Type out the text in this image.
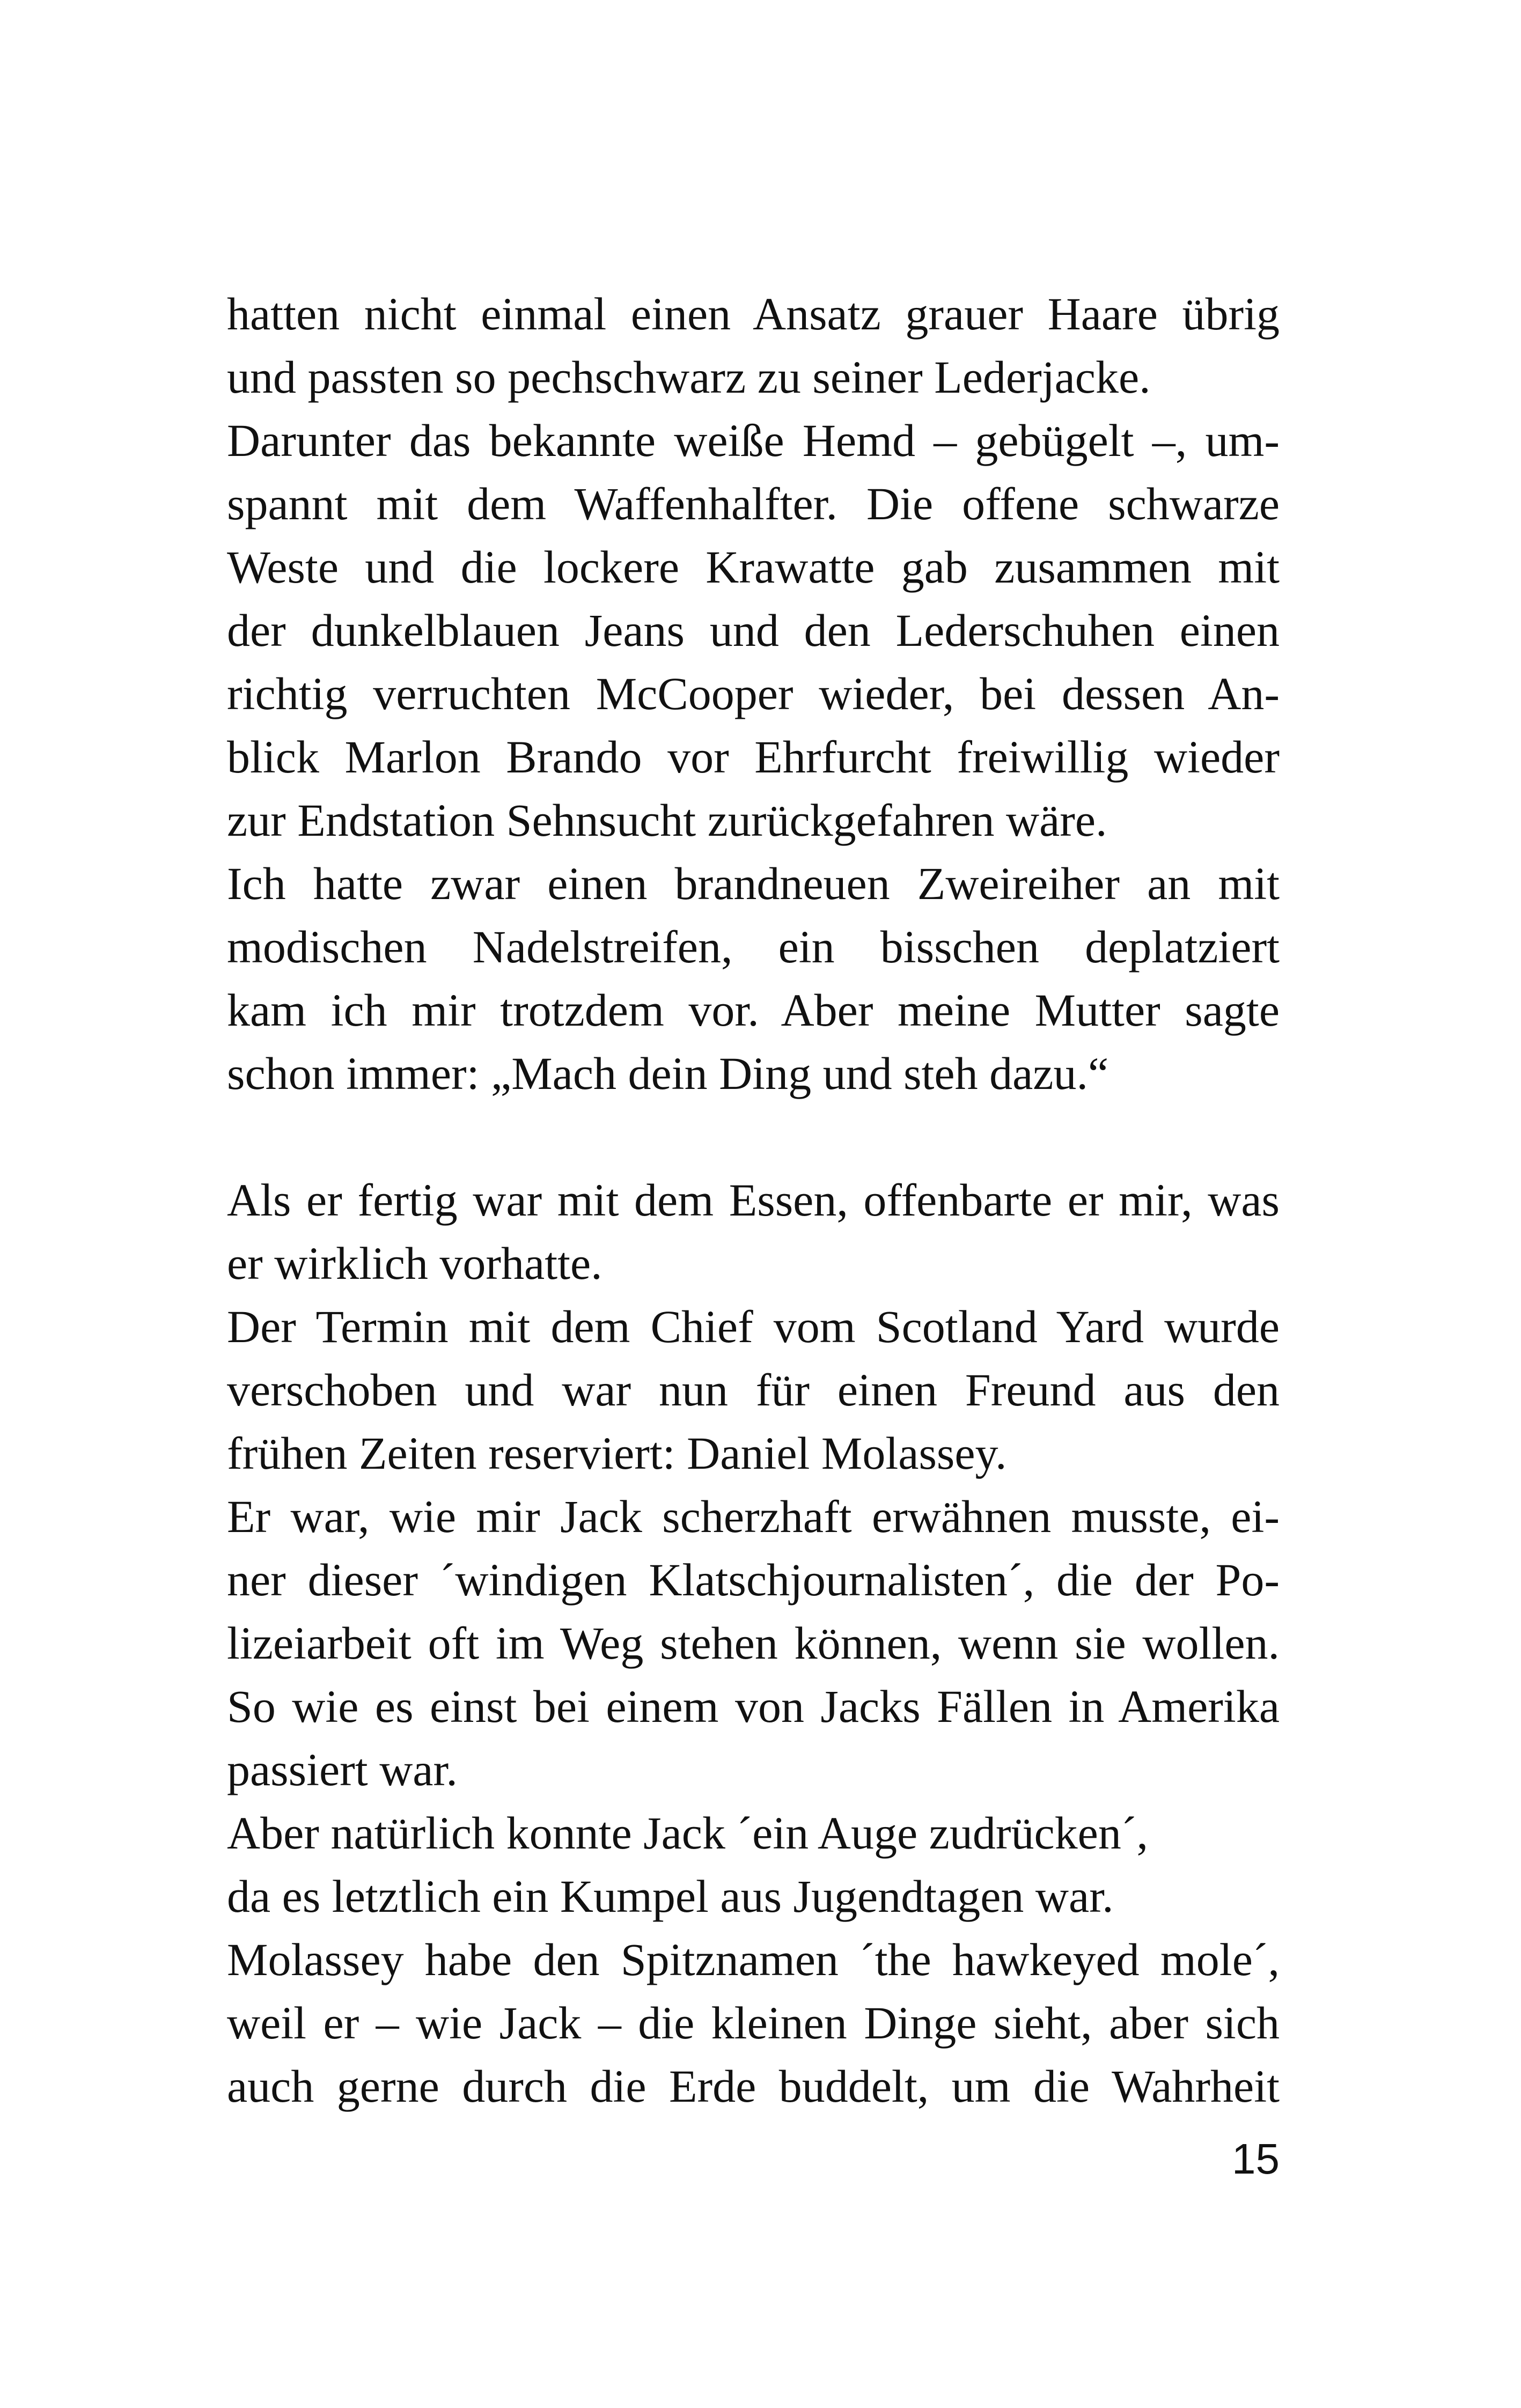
hatten nicht einmal einen Ansatz grauer Haare übrig
und passten so pechschwarz zu seiner Lederjacke.
Darunter das bekannte weiße Hemd – gebügelt –, um-
spannt mit dem Waffenhalfter. Die offene schwarze
Weste und die lockere Krawatte gab zusammen mit
der dunkelblauen Jeans und den Lederschuhen einen
richtig verruchten McCooper wieder, bei dessen An-
blick Marlon Brando vor Ehrfurcht freiwillig wieder
zur Endstation Sehnsucht zurückgefahren wäre.
Ich hatte zwar einen brandneuen Zweireiher an mit
modischen Nadelstreifen, ein bisschen deplatziert
kam ich mir trotzdem vor. Aber meine Mutter sagte
schon immer: „Mach dein Ding und steh dazu.“
Als er fertig war mit dem Essen, offenbarte er mir, was
er wirklich vorhatte.
Der Termin mit dem Chief vom Scotland Yard wurde
verschoben und war nun für einen Freund aus den
frühen Zeiten reserviert: Daniel Molassey.
Er war, wie mir Jack scherzhaft erwähnen musste, ei-
ner dieser ´windigen Klatschjournalisten´, die der Po-
lizeiarbeit oft im Weg stehen können, wenn sie wollen.
So wie es einst bei einem von Jacks Fällen in Amerika
passiert war.
Aber natürlich konnte Jack ´ein Auge zudrücken´,
da es letztlich ein Kumpel aus Jugendtagen war.
Molassey habe den Spitznamen ´the hawkeyed mole´,
weil er – wie Jack – die kleinen Dinge sieht, aber sich
auch gerne durch die Erde buddelt, um die Wahrheit
15
